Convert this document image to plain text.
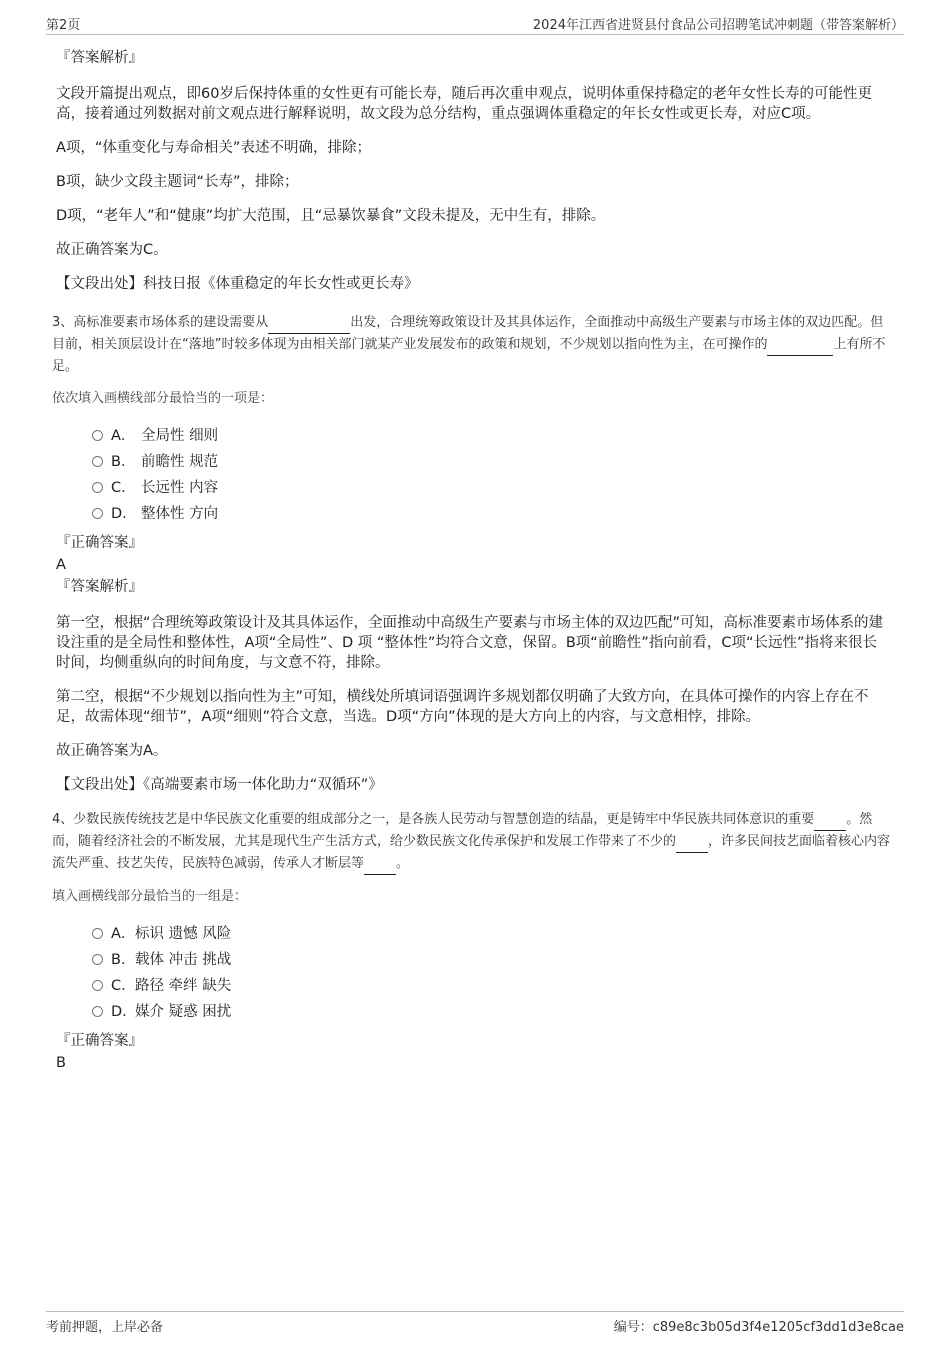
第2页	2024年江西省进贤县付食品公司招聘笔试冲刺题（带答案解析）
『答案解析』

文段开篇提出观点，即60岁后保持体重的女性更有可能长寿，随后再次重申观点，说明体重保持稳定的老年女性长寿的可能性更高，接着通过列数据对前文观点进行解释说明，故文段为总分结构，重点强调体重稳定的年长女性或更长寿，对应C项。

A项，“体重变化与寿命相关”表述不明确，排除；

B项，缺少文段主题词“长寿”，排除；

D项，“老年人”和“健康”均扩大范围，且“忌暴饮暴食”文段未提及，无中生有，排除。

故正确答案为C。

【文段出处】科技日报《体重稳定的年长女性或更长寿》

3、高标准要素市场体系的建设需要从	出发，合理统筹政策设计及其具体运作，全面推动中高级生产要素与市场主体的双边匹配。但目前，相关顶层设计在“落地”时较多体现为由相关部门就某产业发展发布的政策和规划，不少规划以指向性为主，在可操作的	上有所不足。

依次填入画横线部分最恰当的一项是：

A． 全局性 细则
B． 前瞻性 规范
C． 长远性 内容
D． 整体性 方向
『正确答案』
A
『答案解析』

第一空，根据“合理统筹政策设计及其具体运作，全面推动中高级生产要素与市场主体的双边匹配”可知，高标准要素市场体系的建设注重的是全局性和整体性，A项“全局性”、D 项 “整体性”均符合文意，保留。B项“前瞻性”指向前看，C项“长远性”指将来很长时间，均侧重纵向的时间角度，与文意不符，排除。

第二空，根据“不少规划以指向性为主”可知，横线处所填词语强调许多规划都仅明确了大致方向，在具体可操作的内容上存在不足，故需体现“细节”，A项“细则”符合文意，当选。D项“方向”体现的是大方向上的内容，与文意相悖，排除。

故正确答案为A。

【文段出处】《高端要素市场一体化助力“双循环”》

4、少数民族传统技艺是中华民族文化重要的组成部分之一，是各族人民劳动与智慧创造的结晶，更是铸牢中华民族共同体意识的重要 。然而，随着经济社会的不断发展，尤其是现代生产生活方式，给少数民族文化传承保护和发展工作带来了不少的 ，许多民间技艺面临着核心内容流失严重、技艺失传，民族特色减弱，传承人才断层等 。

填入画横线部分最恰当的一组是：

A．标识 遗憾 风险
B．载体 冲击 挑战
C．路径 牵绊 缺失
D．媒介 疑惑 困扰
『正确答案』
B
考前押题，上岸必备	编号：c89e8c3b05d3f4e1205cf3dd1d3e8cae
